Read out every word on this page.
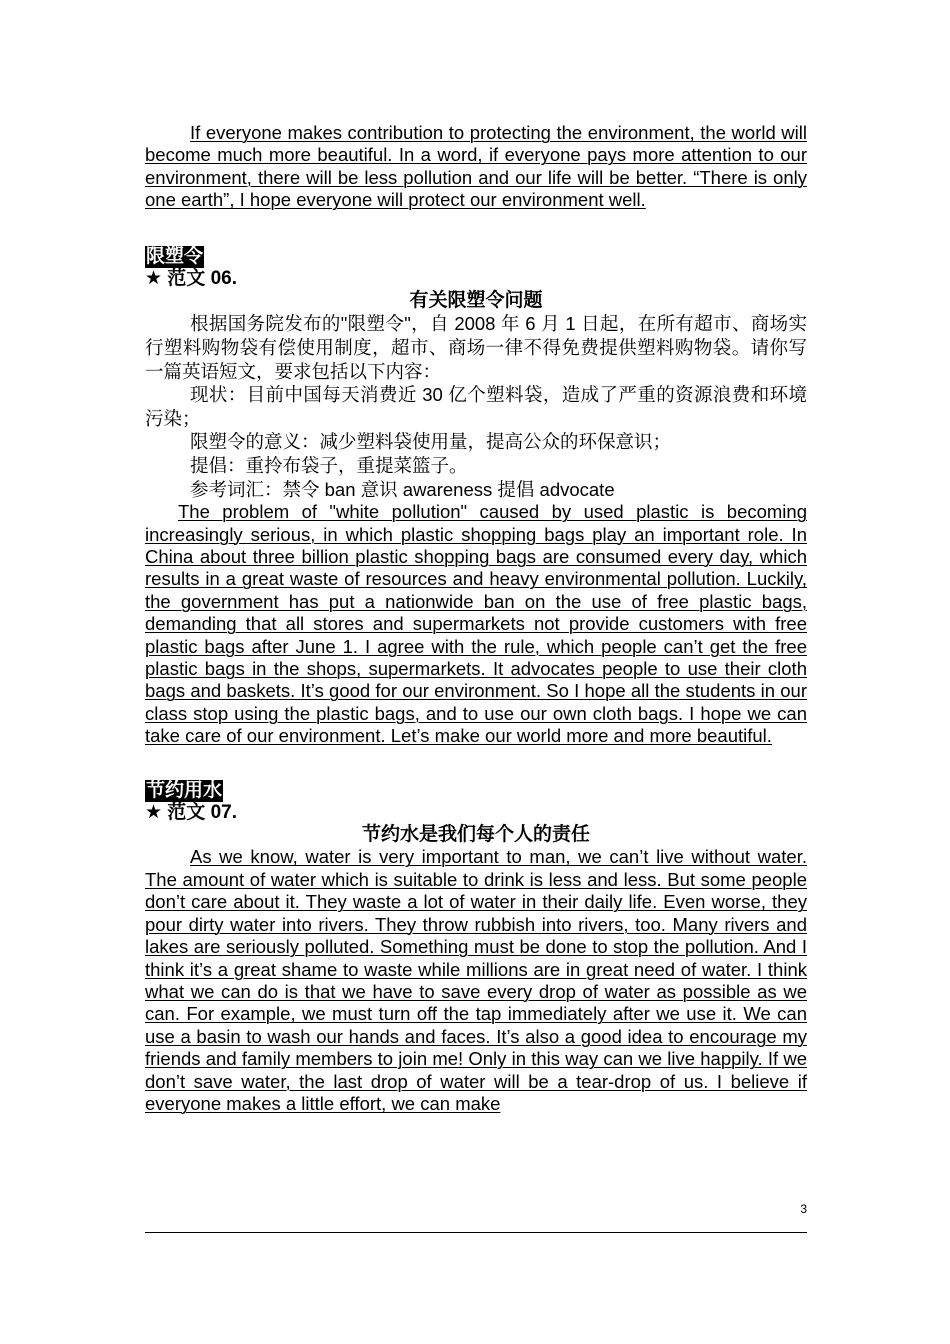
If everyone makes contribution to protecting the environment, the world will become much more beautiful. In a word, if everyone pays more attention to our environment, there will be less pollution and our life will be better. “There is only one earth”, I hope everyone will protect our environment well.

限塑令

★ 范文 06.

有关限塑令问题

根据国务院发布的"限塑令"，自 2008 年 6 月 1 日起，在所有超市、商场实行塑料购物袋有偿使用制度，超市、商场一律不得免费提供塑料购物袋。请你写一篇英语短文，要求包括以下内容：

现状：目前中国每天消费近 30 亿个塑料袋，造成了严重的资源浪费和环境污染；

限塑令的意义：减少塑料袋使用量，提高公众的环保意识；

提倡：重拎布袋子，重提菜篮子。

参考词汇：禁令 ban 意识 awareness 提倡 advocate

The problem of "white pollution" caused by used plastic is becoming increasingly serious, in which plastic shopping bags play an important role. In China about three billion plastic shopping bags are consumed every day, which results in a great waste of resources and heavy environmental pollution. Luckily, the government has put a nationwide ban on the use of free plastic bags, demanding that all stores and supermarkets not provide customers with free plastic bags after June 1. I agree with the rule, which people can’t get the free plastic bags in the shops, supermarkets. It advocates people to use their cloth bags and baskets. It’s good for our environment. So I hope all the students in our class stop using the plastic bags, and to use our own cloth bags. I hope we can take care of our environment. Let’s make our world more and more beautiful.

节约用水

★ 范文 07.

节约水是我们每个人的责任

As we know, water is very important to man, we can’t live without water. The amount of water which is suitable to drink is less and less. But some people don’t care about it. They waste a lot of water in their daily life. Even worse, they pour dirty water into rivers. They throw rubbish into rivers, too. Many rivers and lakes are seriously polluted. Something must be done to stop the pollution. And I think it’s a great shame to waste while millions are in great need of water. I think what we can do is that we have to save every drop of water as possible as we can. For example, we must turn off the tap immediately after we use it. We can use a basin to wash our hands and faces. It’s also a good idea to encourage my friends and family members to join me! Only in this way can we live happily. If we don’t save water, the last drop of water will be a tear-drop of us. I believe if everyone makes a little effort, we can make

3
